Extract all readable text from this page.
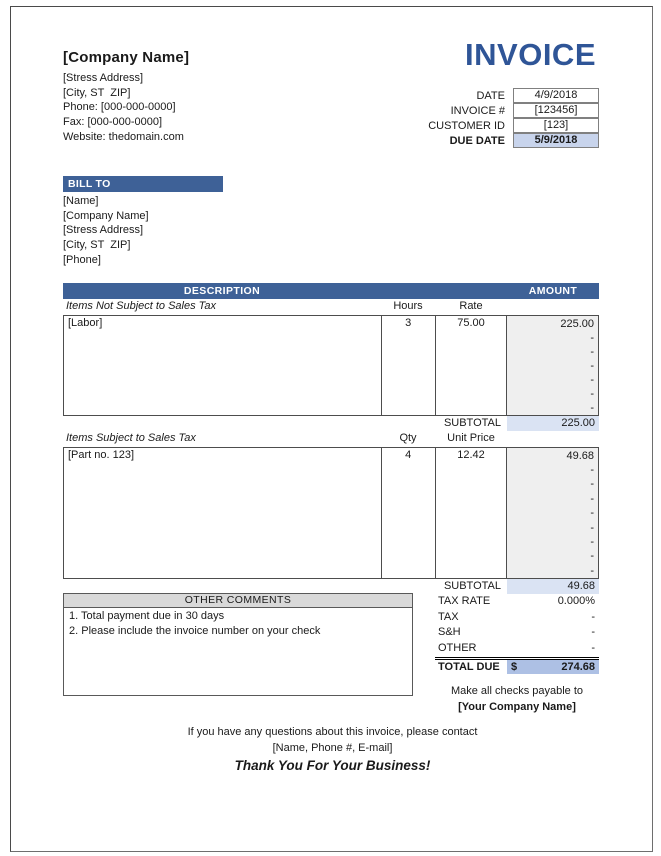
[Company Name]
[Stress Address]
[City, ST  ZIP]
Phone: [000-000-0000]
Fax: [000-000-0000]
Website: thedomain.com
INVOICE
DATE	4/9/2018
INVOICE #	[123456]
CUSTOMER ID	[123]
DUE DATE	5/9/2018
BILL TO
[Name]
[Company Name]
[Stress Address]
[City, ST  ZIP]
[Phone]
DESCRIPTION	AMOUNT
Items Not Subject to Sales Tax	Hours	Rate
[Labor]	3	75.00	225.00
-
-
-
-
-
-
SUBTOTAL	225.00
Items Subject to Sales Tax	Qty	Unit Price
[Part no. 123]	4	12.42	49.68
-
-
-
-
-
-
-
-
SUBTOTAL	49.68
TAX RATE	0.000%
TAX	-
S&H	-
OTHER	-
TOTAL DUE	$	274.68
OTHER COMMENTS
1. Total payment due in 30 days
2. Please include the invoice number on your check
Make all checks payable to
[Your Company Name]
If you have any questions about this invoice, please contact
[Name, Phone #, E-mail]
Thank You For Your Business!
